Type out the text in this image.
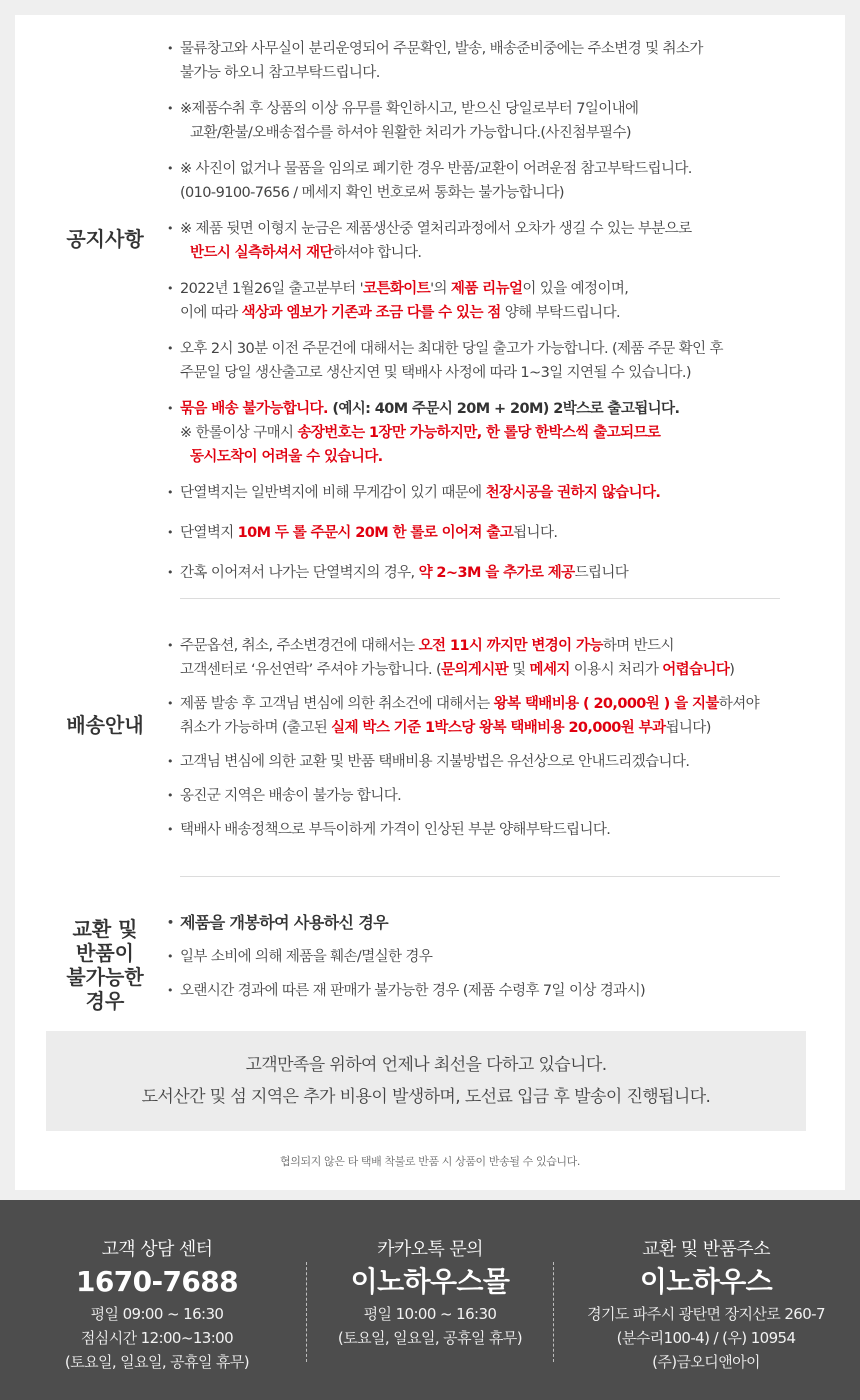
공지사항
• 물류창고와 사무실이 분리운영되어 주문확인, 발송, 배송준비중에는 주소변경 및 취소가
불가능 하오니 참고부탁드립니다.
• ※제품수취 후 상품의 이상 유무를 확인하시고, 받으신 당일로부터 7일이내에
교환/환불/오배송접수를 하셔야 원활한 처리가 가능합니다.(사진첨부필수)
• ※ 사진이 없거나 물품을 임의로 폐기한 경우 반품/교환이 어려운점 참고부탁드립니다.
(010-9100-7656 / 메세지 확인 번호로써 통화는 불가능합니다)
• ※ 제품 뒷면 이형지 눈금은 제품생산중 열처리과정에서 오차가 생길 수 있는 부분으로
반드시 실측하셔서 재단하셔야 합니다.
• 2022년 1월26일 출고분부터 '코튼화이트'의 제품 리뉴얼이 있을 예정이며,
이에 따라 색상과 엠보가 기존과 조금 다를 수 있는 점 양해 부탁드립니다.
• 오후 2시 30분 이전 주문건에 대해서는 최대한 당일 출고가 가능합니다. (제품 주문 확인 후
주문일 당일 생산출고로 생산지연 및 택배사 사정에 따라 1~3일 지연될 수 있습니다.)
• 묶음 배송 불가능합니다. (예시: 40M 주문시 20M + 20M) 2박스로 출고됩니다.
※ 한롤이상 구매시 송장번호는 1장만 가능하지만, 한 롤당 한박스씩 출고되므로
동시도착이 어려울 수 있습니다.
• 단열벽지는 일반벽지에 비해 무게감이 있기 때문에 천장시공을 권하지 않습니다.
• 단열벽지 10M 두 롤 주문시 20M 한 롤로 이어져 출고됩니다.
• 간혹 이어져서 나가는 단열벽지의 경우, 약 2~3M 을 추가로 제공드립니다
배송안내
• 주문옵션, 취소, 주소변경건에 대해서는 오전 11시 까지만 변경이 가능하며 반드시
고객센터로 ‘유선연락’ 주셔야 가능합니다. (문의게시판 및 메세지 이용시 처리가 어렵습니다)
• 제품 발송 후 고객님 변심에 의한 취소건에 대해서는 왕복 택배비용 ( 20,000원 ) 을 지불하셔야
취소가 가능하며 (출고된 실제 박스 기준 1박스당 왕복 택배비용 20,000원 부과됩니다)
• 고객님 변심에 의한 교환 및 반품 택배비용 지불방법은 유선상으로 안내드리겠습니다.
• 옹진군 지역은 배송이 불가능 합니다.
• 택배사 배송정책으로 부득이하게 가격이 인상된 부분 양해부탁드립니다.
교환 및
반품이
불가능한
경우
• 제품을 개봉하여 사용하신 경우
• 일부 소비에 의해 제품을 훼손/멸실한 경우
• 오랜시간 경과에 따른 재 판매가 불가능한 경우 (제품 수령후 7일 이상 경과시)
고객만족을 위하여 언제나 최선을 다하고 있습니다.
도서산간 및 섬 지역은 추가 비용이 발생하며, 도선료 입금 후 발송이 진행됩니다.
협의되지 않은 타 택배 착불로 반품 시 상품이 반송될 수 있습니다.
고객 상담 센터
1670-7688
평일 09:00 ~ 16:30
점심시간 12:00~13:00
(토요일, 일요일, 공휴일 휴무)
카카오톡 문의
이노하우스몰
평일 10:00 ~ 16:30
(토요일, 일요일, 공휴일 휴무)
교환 및 반품주소
이노하우스
경기도 파주시 광탄면 장지산로 260-7
(분수리100-4) / (우) 10954
(주)금오디앤아이
